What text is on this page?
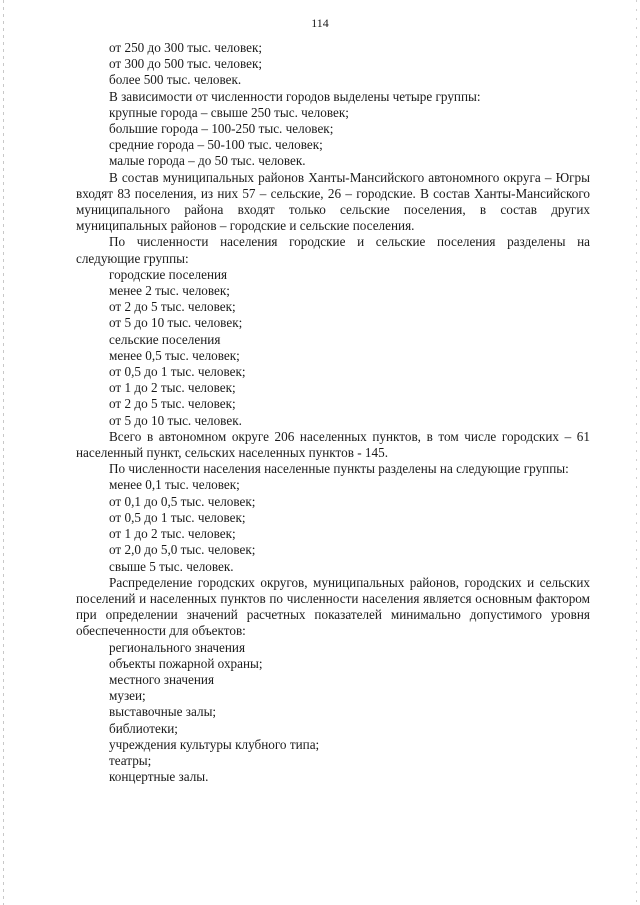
114

от 250 до 300 тыс. человек;

от 300 до 500 тыс. человек;

более 500 тыс. человек.

В зависимости от численности городов выделены четыре группы:

крупные города – свыше 250 тыс. человек;

большие города – 100-250 тыс. человек;

средние города – 50-100 тыс. человек;

малые города – до 50 тыс. человек.

В состав муниципальных районов Ханты-Мансийского автономного округа – Югры входят 83 поселения, из них 57 – сельские, 26 – городские. В состав Ханты-Мансийского муниципального района входят только сельские поселения, в состав других муниципальных районов – городские и сельские поселения.

По численности населения городские и сельские поселения разделены на следующие группы:

городские поселения

менее 2 тыс. человек;

от 2 до 5 тыс. человек;

от 5 до 10 тыс. человек;

сельские поселения

менее 0,5 тыс. человек;

от 0,5 до 1 тыс. человек;

от 1 до 2 тыс. человек;

от 2 до 5 тыс. человек;

от 5 до 10 тыс. человек.

Всего в автономном округе 206 населенных пунктов, в том числе городских – 61 населенный пункт, сельских населенных пунктов - 145.

По численности населения населенные пункты разделены на следующие группы:

менее 0,1 тыс. человек;

от 0,1 до 0,5 тыс. человек;

от 0,5 до 1 тыс. человек;

от 1 до 2 тыс. человек;

от 2,0 до 5,0 тыс. человек;

свыше 5 тыс. человек.

Распределение городских округов, муниципальных районов, городских и сельских поселений и населенных пунктов по численности населения является основным фактором при определении значений расчетных показателей минимально допустимого уровня обеспеченности для объектов:

регионального значения

объекты пожарной охраны;

местного значения

музеи;

выставочные залы;

библиотеки;

учреждения культуры клубного типа;

театры;

концертные залы.
